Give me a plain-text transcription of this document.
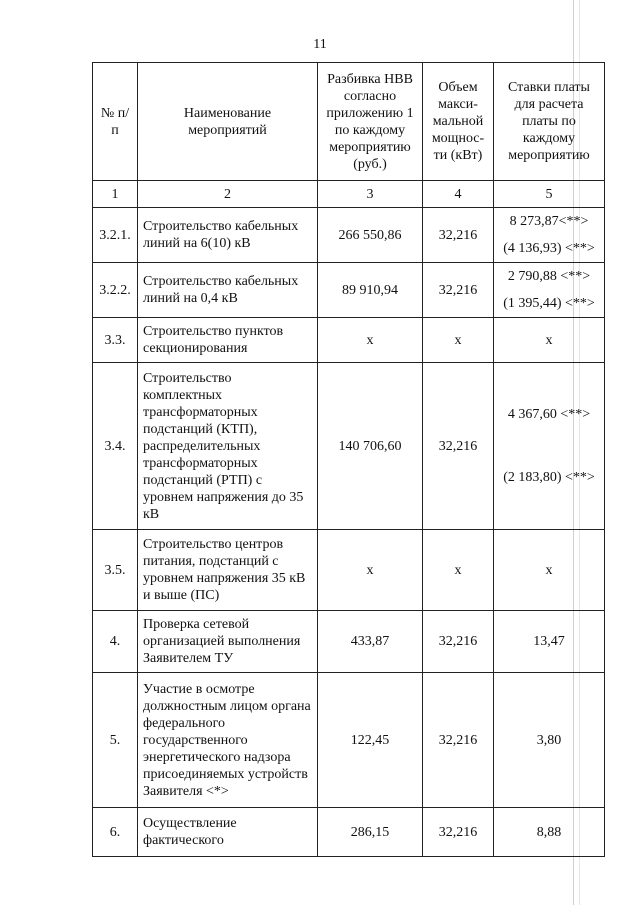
11
№ п/п	Наименование мероприятий	Разбивка НВВ согласно приложению 1 по каждому мероприятию (руб.)	Объем макси-мальной мощнос-ти (кВт)	Ставки платы для расчета платы по каждому мероприятию
1	2	3	4	5
3.2.1.	Строительство кабельных линий на 6(10) кВ	266 550,86	32,216	8 273,87<**>
(4 136,93) <**>

3.2.2.	Строительство кабельных линий на 0,4 кВ	89 910,94	32,216	2 790,88 <**>
(1 395,44) <**>

3.3.	Строительство пунктов секционирования	х	х	х
3.4.	Строительство комплектных трансформаторных подстанций (КТП), распределительных трансформаторных подстанций (РТП) с уровнем напряжения до 35 кВ	140 706,60	32,216	4 367,60 <**>
(2 183,80) <**>

3.5.	Строительство центров питания, подстанций с уровнем напряжения 35 кВ и выше (ПС)	х	х	х
4.	Проверка сетевой организацией выполнения Заявителем ТУ	433,87	32,216	13,47
5.	Участие в осмотре должностным лицом органа федерального государственного энергетического надзора присоединяемых устройств Заявителя <*>	122,45	32,216	3,80
6.	Осуществление фактического	286,15	32,216	8,88
